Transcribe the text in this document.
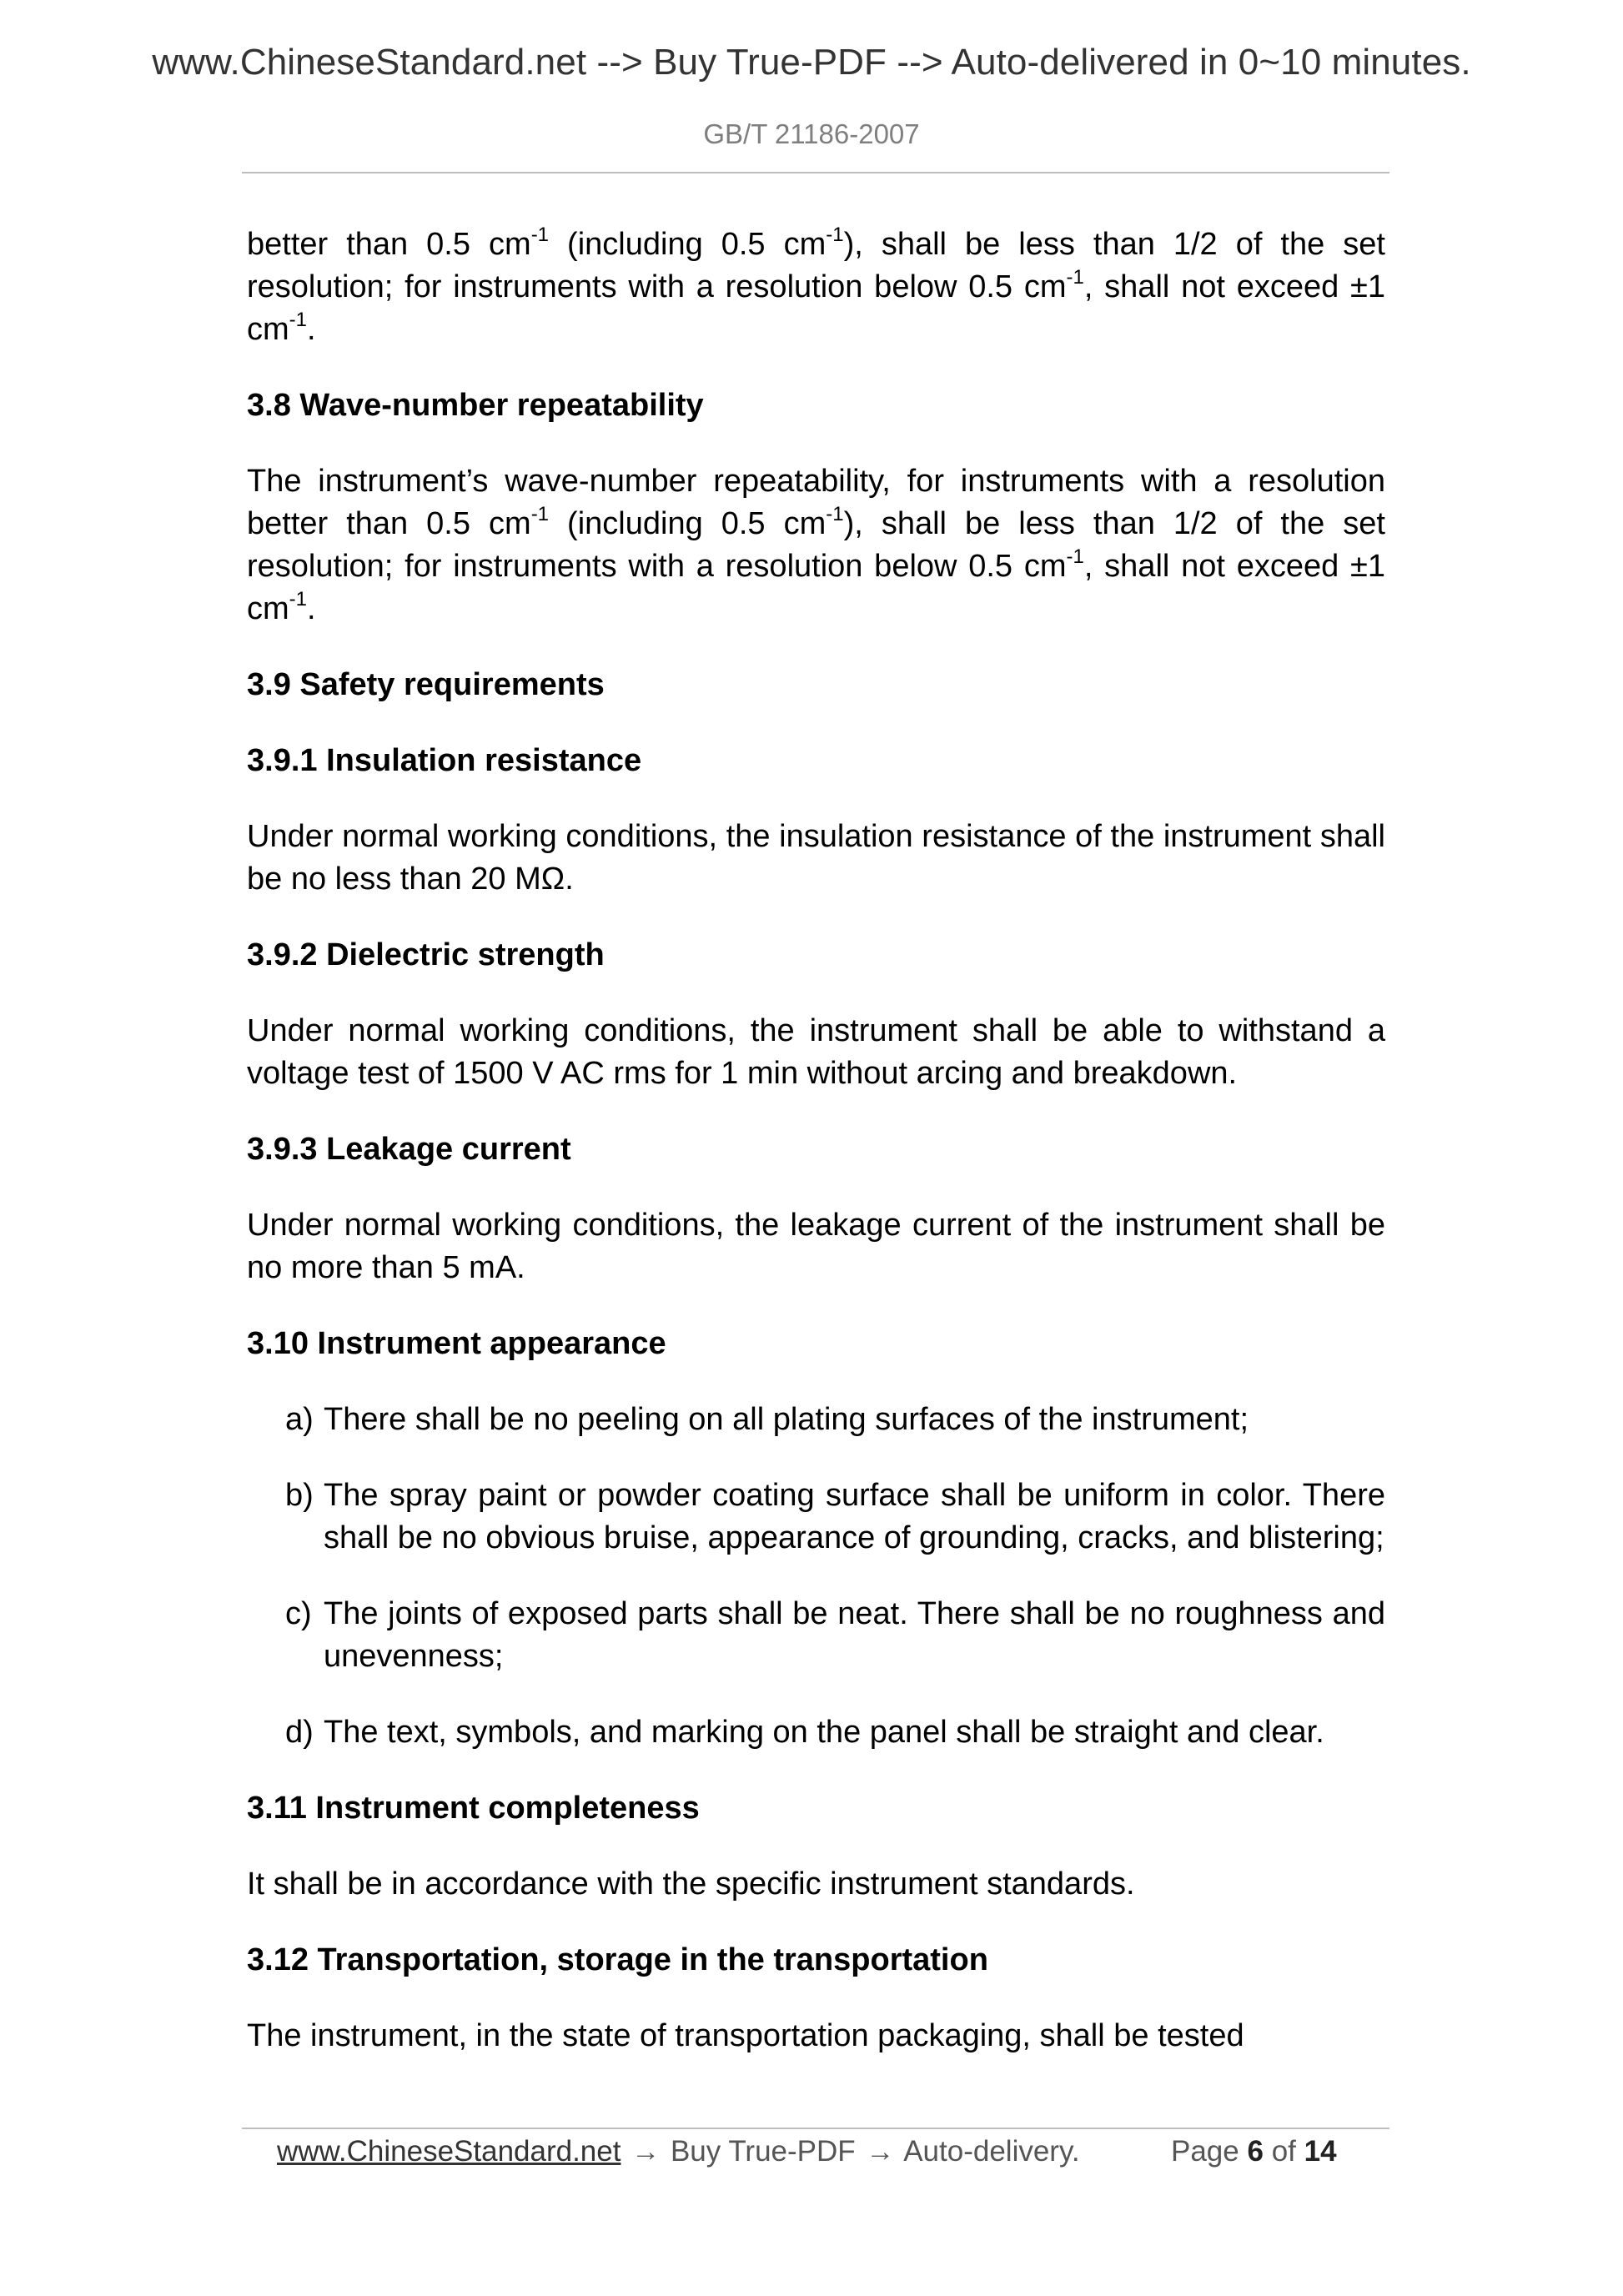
www.ChineseStandard.net --> Buy True-PDF --> Auto-delivered in 0~10 minutes.
GB/T 21186-2007

better than 0.5 $cm^{-1}$ (including 0.5 $cm^{-1}$), shall be less than 1/2 of the set resolution; for instruments with a resolution below 0.5 $cm^{-1}$, shall not exceed ±1 $cm^{-1}$.

3.8 Wave-number repeatability

The instrument’s wave-number repeatability, for instruments with a resolution better than 0.5 $cm^{-1}$ (including 0.5 $cm^{-1}$), shall be less than 1/2 of the set resolution; for instruments with a resolution below 0.5 $cm^{-1}$, shall not exceed ±1 $cm^{-1}$.

3.9 Safety requirements
3.9.1 Insulation resistance

Under normal working conditions, the insulation resistance of the instrument shall be no less than 20 MΩ.

3.9.2 Dielectric strength

Under normal working conditions, the instrument shall be able to withstand a voltage test of 1500 V AC rms for 1 min without arcing and breakdown.

3.9.3 Leakage current

Under normal working conditions, the leakage current of the instrument shall be no more than 5 mA.

3.10 Instrument appearance
a) There shall be no peeling on all plating surfaces of the instrument;
b) The spray paint or powder coating surface shall be uniform in color. There shall be no obvious bruise, appearance of grounding, cracks, and blistering;
c) The joints of exposed parts shall be neat. There shall be no roughness and unevenness;
d) The text, symbols, and marking on the panel shall be straight and clear.
3.11 Instrument completeness

It shall be in accordance with the specific instrument standards.

3.12 Transportation, storage in the transportation

The instrument, in the state of transportation packaging, shall be tested

www.ChineseStandard.net → Buy True-PDF → Auto-delivery.	Page 6 of 14
